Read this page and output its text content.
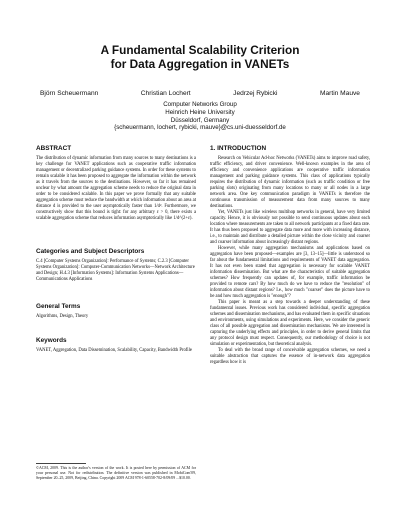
A Fundamental Scalability Criterion
for Data Aggregation in VANETs
Björn Scheuermann	Christian Lochert	Jedrzej Rybicki	Martin Mauve
Computer Networks Group
Heinrich Heine University
Düsseldorf, Germany
{scheuermann, lochert, rybicki, mauve}@cs.uni-duesseldorf.de
ABSTRACT

The distribution of dynamic information from many sources to many destinations is a key challenge for VANET applications such as cooperative traffic information management or decentralized parking guidance systems. In order for these systems to remain scalable it has been proposed to aggregate the information within the network as it travels from the sources to the destinations. However, so far it has remained unclear by what amount the aggregation scheme needs to reduce the original data in order to be considered scalable. In this paper we prove formally that any suitable aggregation scheme must reduce the bandwidth at which information about an area at distance d is provided to the user asymptotically faster than 1/d². Furthermore, we constructively show that this bound is tight: for any arbitrary ε > 0, there exists a scalable aggregation scheme that reduces information asymptotically like 1/d^(2+ε).

Categories and Subject Descriptors

C.4 [Computer Systems Organization]: Performance of Systems; C.2.3 [Computer Systems Organization]: Computer-Communication Networks—Network Architecture and Design; H.4.3 [Information Systems]: Information Systems Applications—Communications Applications

General Terms

Algorithms, Design, Theory

Keywords

VANET, Aggregation, Data Dissemination, Scalability, Capacity, Bandwidth Profile

©ACM, 2009. This is the author's version of the work. It is posted here by permission of ACM for your personal use. Not for redistribution. The definitive version was published in MobiCom'09, September 20–25, 2009, Beijing, China. Copyright 2009 ACM 978-1-60558-702-8/09/09 ...$10.00.

1. INTRODUCTION

Research on Vehicular Ad-hoc Networks (VANETs) aims to improve road safety, traffic efficiency, and driver convenience. Well-known examples in the area of efficiency and convenience applications are cooperative traffic information management and parking guidance systems. This class of applications typically requires the distribution of dynamic information (such as traffic condition or free parking slots) originating from many locations to many or all nodes in a large network area. One key communication paradigm in VANETs is therefore the continuous transmission of measurement data from many sources to many destinations.

Yet, VANETs just like wireless multihop networks in general, have very limited capacity. Hence, it is obviously not possible to send continuous updates about each location where measurements are taken to all network participants at a fixed data rate. It has thus been proposed to aggregate data more and more with increasing distance, i.e., to maintain and distribute a detailed picture within the close vicinity and coarser and coarser information about increasingly distant regions.

However, while many aggregation mechanisms and applications based on aggregation have been proposed—examples are [3, 13–15]—little is understood so far about the fundamental limitations and requirements of VANET data aggregation. It has not even been stated that aggregation is necessary for scalable VANET information dissemination. But what are the characteristics of suitable aggregation schemes? How frequently can updates of, for example, traffic information be provided to remote cars? By how much do we have to reduce the "resolution" of information about distant regions? I.e., how much "coarser" does the picture have to be and how much aggregation is "enough"?

This paper is meant as a step towards a deeper understanding of these fundamental issues. Previous work has considered individual, specific aggregation schemes and dissemination mechanisms, and has evaluated them in specific situations and environments, using simulations and experiments. Here, we consider the generic class of all possible aggregation and dissemination mechanisms. We are interested in capturing the underlying effects and principles, in order to derive general limits that any protocol design must respect. Consequently, our methodology of choice is not simulation or experimentation, but theoretical analysis.

To deal with the broad range of conceivable aggregation schemes, we need a suitable abstraction that captures the essence of in-network data aggregation regardless how it is
